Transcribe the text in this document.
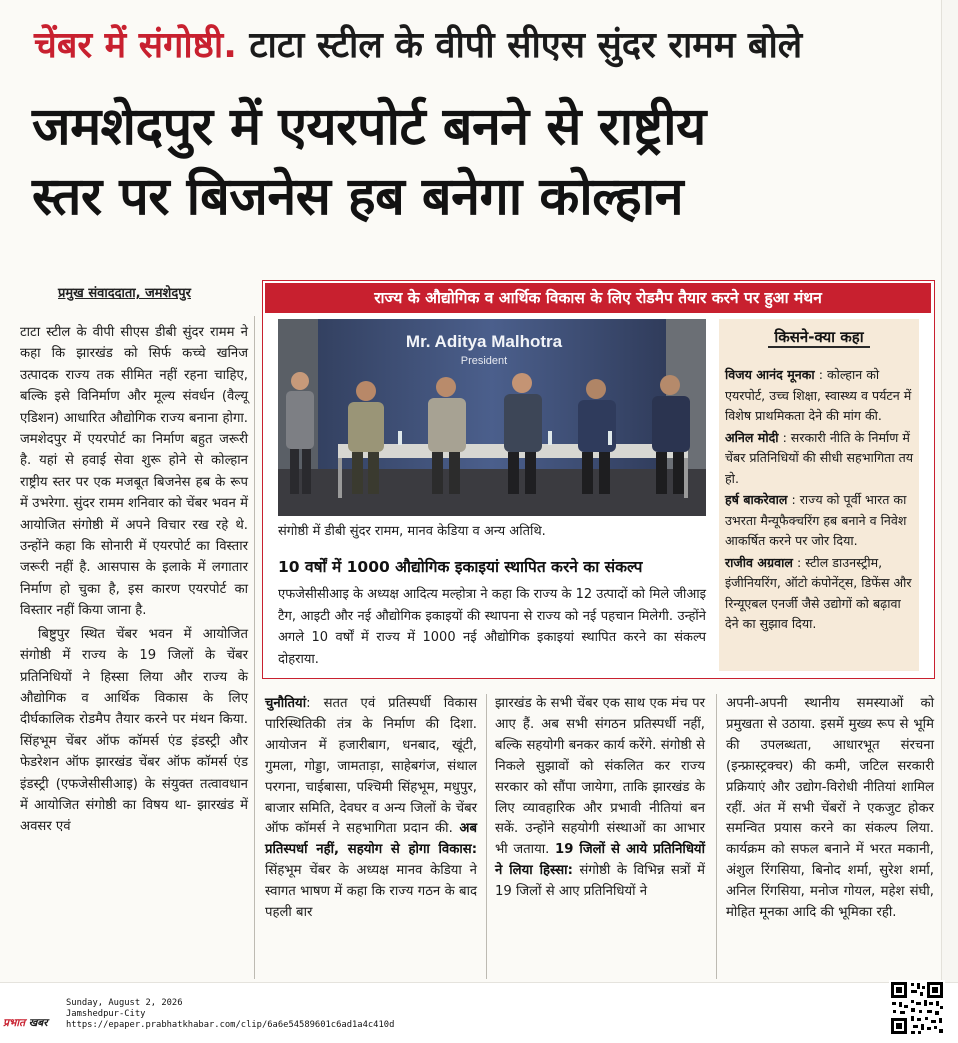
चेंबर में संगोष्ठी. टाटा स्टील के वीपी सीएस सुंदर रामम बोले
जमशेदपुर में एयरपोर्ट बनने से राष्ट्रीय
स्तर पर बिजनेस हब बनेगा कोल्हान
प्रमुख संवाददाता, जमशेदपुर

टाटा स्टील के वीपी सीएस डीबी सुंदर रामम ने कहा कि झारखंड को सिर्फ कच्चे खनिज उत्पादक राज्य तक सीमित नहीं रहना चाहिए, बल्कि इसे विनिर्माण और मूल्य संवर्धन (वैल्यू एडिशन) आधारित औद्योगिक राज्य बनाना होगा. जमशेदपुर में एयरपोर्ट का निर्माण बहुत जरूरी है. यहां से हवाई सेवा शुरू होने से कोल्हान राष्ट्रीय स्तर पर एक मजबूत बिजनेस हब के रूप में उभरेगा. सुंदर रामम शनिवार को चेंबर भवन में आयोजित संगोष्ठी में अपने विचार रख रहे थे. उन्होंने कहा कि सोनारी में एयरपोर्ट का विस्तार जरूरी नहीं है. आसपास के इलाके में लगातार निर्माण हो चुका है, इस कारण एयरपोर्ट का विस्तार नहीं किया जाना है.

बिष्टुपुर स्थित चेंबर भवन में आयोजित संगोष्ठी में राज्य के 19 जिलों के चेंबर प्रतिनिधियों ने हिस्सा लिया और राज्य के औद्योगिक व आर्थिक विकास के लिए दीर्घकालिक रोडमैप तैयार करने पर मंथन किया. सिंहभूम चेंबर ऑफ कॉमर्स एंड इंडस्ट्री और फेडरेशन ऑफ झारखंड चेंबर ऑफ कॉमर्स एंड इंडस्ट्री (एफजेसीसीआइ) के संयुक्त तत्वावधान में आयोजित संगोष्ठी का विषय था- झारखंड में अवसर एवं

राज्य के औद्योगिक व आर्थिक विकास के लिए रोडमैप तैयार करने पर हुआ मंथन
Mr. Aditya Malhotra
President
संगोष्ठी में डीबी सुंदर रामम, मानव केडिया व अन्य अतिथि.
10 वर्षों में 1000 औद्योगिक इकाइयां स्थापित करने का संकल्प
एफजेसीसीआइ के अध्यक्ष आदित्य मल्होत्रा ने कहा कि राज्य के 12 उत्पादों को मिले जीआइ टैग, आइटी और नई औद्योगिक इकाइयों की स्थापना से राज्य को नई पहचान मिलेगी. उन्होंने अगले 10 वर्षों में राज्य में 1000 नई औद्योगिक इकाइयां स्थापित करने का संकल्प दोहराया.
किसने-क्या कहा
विजय आनंद मूनका : कोल्हान को एयरपोर्ट, उच्च शिक्षा, स्वास्थ्य व पर्यटन में विशेष प्राथमिकता देने की मांग की.
अनिल मोदी : सरकारी नीति के निर्माण में चेंबर प्रतिनिधियों की सीधी सहभागिता तय हो.
हर्ष बाकरेवाल : राज्य को पूर्वी भारत का उभरता मैन्यूफैक्चरिंग हब बनाने व निवेश आकर्षित करने पर जोर दिया.
राजीव अग्रवाल : स्टील डाउनस्ट्रीम, इंजीनियरिंग, ऑटो कंपोनेंट्स, डिफेंस और रिन्यूएबल एनर्जी जैसे उद्योगों को बढ़ावा देने का सुझाव दिया.
चुनौतियां: सतत एवं प्रतिस्पर्धी विकास पारिस्थितिकी तंत्र के निर्माण की दिशा. आयोजन में हजारीबाग, धनबाद, खूंटी, गुमला, गोड्डा, जामताड़ा, साहेबगंज, संथाल परगना, चाईबासा, पश्चिमी सिंहभूम, मधुपुर, बाजार समिति, देवघर व अन्य जिलों के चेंबर ऑफ कॉमर्स ने सहभागिता प्रदान की. अब प्रतिस्पर्धा नहीं, सहयोग से होगा विकास: सिंहभूम चेंबर के अध्यक्ष मानव केडिया ने स्वागत भाषण में कहा कि राज्य गठन के बाद पहली बार
झारखंड के सभी चेंबर एक साथ एक मंच पर आए हैं. अब सभी संगठन प्रतिस्पर्धी नहीं, बल्कि सहयोगी बनकर कार्य करेंगे. संगोष्ठी से निकले सुझावों को संकलित कर राज्य सरकार को सौंपा जायेगा, ताकि झारखंड के लिए व्यावहारिक और प्रभावी नीतियां बन सकें. उन्होंने सहयोगी संस्थाओं का आभार भी जताया. 19 जिलों से आये प्रतिनिधियों ने लिया हिस्सा: संगोष्ठी के विभिन्न सत्रों में 19 जिलों से आए प्रतिनिधियों ने
अपनी-अपनी स्थानीय समस्याओं को प्रमुखता से उठाया. इसमें मुख्य रूप से भूमि की उपलब्धता, आधारभूत संरचना (इन्फ्रास्ट्रक्चर) की कमी, जटिल सरकारी प्रक्रियाएं और उद्योग-विरोधी नीतियां शामिल रहीं. अंत में सभी चेंबरों ने एकजुट होकर समन्वित प्रयास करने का संकल्प लिया. कार्यक्रम को सफल बनाने में भरत मकानी, अंशुल रिंगसिया, बिनोद शर्मा, सुरेश शर्मा, अनिल रिंगसिया, मनोज गोयल, महेश संघी, मोहित मूनका आदि की भूमिका रही.
प्रभात खबर
Sunday, August 2, 2026
Jamshedpur-City
https://epaper.prabhatkhabar.com/clip/6a6e54589601c6ad1a4c410d
